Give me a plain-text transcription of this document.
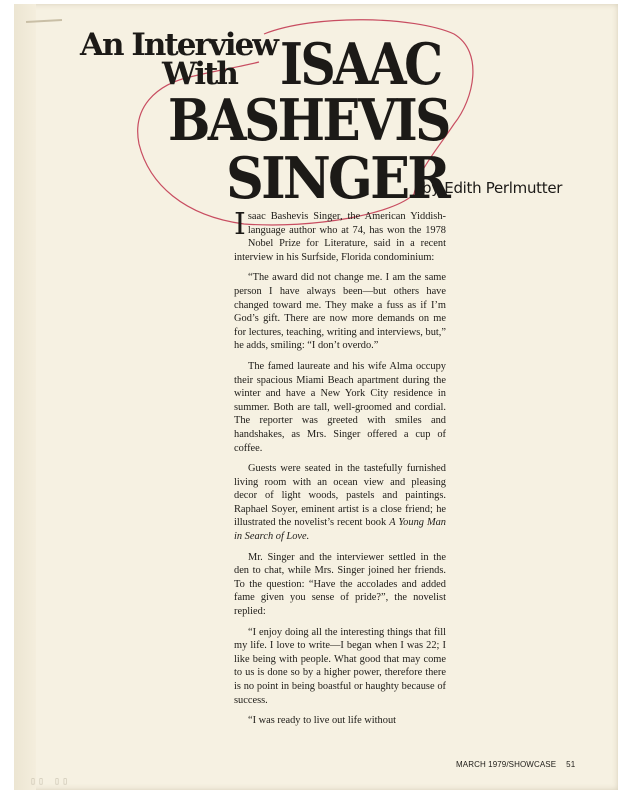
An Interview
With ISAAC
BASHEVIS
SINGER
by Edith Perlmutter

Isaac Bashevis Singer, the American Yiddish-language author who at 74, has won the 1978 Nobel Prize for Literature, said in a recent interview in his Surfside, Florida condominium:

“The award did not change me. I am the same person I have always been—but others have changed toward me. They make a fuss as if I’m God’s gift. There are now more demands on me for lectures, teaching, writing and interviews, but,” he adds, smiling: “I don’t overdo.”

The famed laureate and his wife Alma occupy their spacious Miami Beach apartment during the winter and have a New York City residence in summer. Both are tall, well-groomed and cordial. The reporter was greeted with smiles and handshakes, as Mrs. Singer offered a cup of coffee.

Guests were seated in the tastefully furnished living room with an ocean view and pleasing decor of light woods, pastels and paintings. Raphael Soyer, eminent artist is a close friend; he illustrated the novelist’s recent book A Young Man in Search of Love.

Mr. Singer and the interviewer settled in the den to chat, while Mrs. Singer joined her friends. To the question: “Have the accolades and added fame given you sense of pride?”, the novelist replied:

“I enjoy doing all the interesting things that fill my life. I love to write—I began when I was 22; I like being with people. What good that may come to us is done so by a higher power, therefore there is no point in being boastful or haughty because of success.

“I was ready to live out life without

MARCH 1979/SHOWCASE 51
▯▯ ▯▯
